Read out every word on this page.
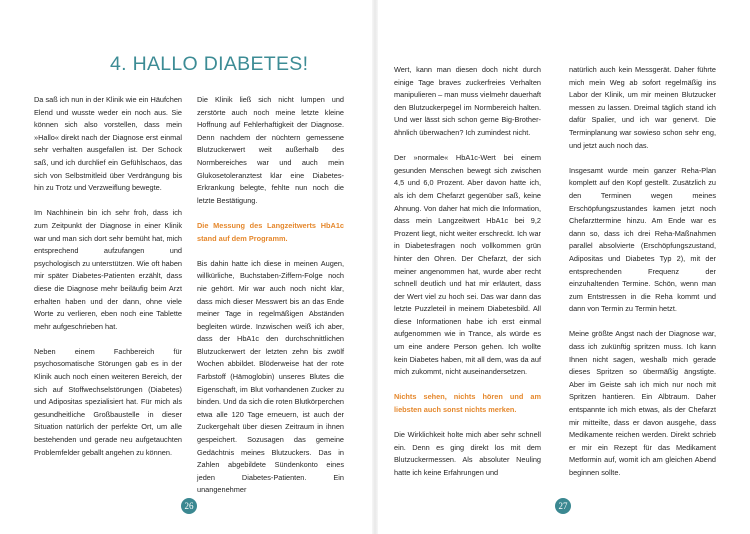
4. HALLO DIABETES!

Da saß ich nun in der Klinik wie ein Häufchen Elend und wusste weder ein noch aus. Sie können sich also vorstellen, dass mein »Hallo« direkt nach der Diagnose erst einmal sehr verhalten ausgefallen ist. Der Schock saß, und ich durchlief ein Gefühlschaos, das sich von Selbstmitleid über Verdrängung bis hin zu Trotz und Verzweiflung bewegte.

Im Nachhinein bin ich sehr froh, dass ich zum Zeitpunkt der Diagnose in einer Klinik war und man sich dort sehr bemüht hat, mich entsprechend aufzufangen und psychologisch zu unterstützen. Wie oft haben mir später Diabetes-Patienten erzählt, dass diese die Diagnose mehr beiläufig beim Arzt erhalten haben und der dann, ohne viele Worte zu verlieren, eben noch eine Tablette mehr aufgeschrieben hat.

Neben einem Fachbereich für psychosomatische Störungen gab es in der Klinik auch noch einen weiteren Bereich, der sich auf Stoffwechselstörungen (Diabetes) und Adipositas spezialisiert hat. Für mich als gesundheitliche Großbaustelle in dieser Situation natürlich der perfekte Ort, um alle bestehenden und gerade neu aufgetauchten Problemfelder geballt angehen zu können.

Die Klinik ließ sich nicht lumpen und zerstörte auch noch meine letzte kleine Hoffnung auf Fehlerhaftigkeit der Diagnose. Denn nachdem der nüchtern gemessene Blutzuckerwert weit außerhalb des Normbereiches war und auch mein Glukosetoleranztest klar eine Diabetes-Erkrankung belegte, fehlte nun noch die letzte Bestätigung.

Die Messung des Langzeitwerts HbA1c stand auf dem Programm.

Bis dahin hatte ich diese in meinen Augen, willkürliche, Buchstaben-Ziffern-Folge noch nie gehört. Mir war auch noch nicht klar, dass mich dieser Messwert bis an das Ende meiner Tage in regelmäßigen Abständen begleiten würde. Inzwischen weiß ich aber, dass der HbA1c den durchschnittlichen Blutzuckerwert der letzten zehn bis zwölf Wochen abbildet. Blöderweise hat der rote Farbstoff (Hämoglobin) unseres Blutes die Eigenschaft, im Blut vorhandenen Zucker zu binden. Und da sich die roten Blutkörperchen etwa alle 120 Tage erneuern, ist auch der Zuckergehalt über diesen Zeitraum in ihnen gespeichert. Sozusagen das gemeine Gedächtnis meines Blutzuckers. Das in Zahlen abgebildete Sündenkonto eines jeden Diabetes-Patienten. Ein unangenehmer

26

Wert, kann man diesen doch nicht durch einige Tage braves zuckerfreies Verhalten manipulieren – man muss vielmehr dauerhaft den Blutzuckerpegel im Normbereich halten. Und wer lässt sich schon gerne Big-Brother-ähnlich überwachen? Ich zumindest nicht.

Der »normale« HbA1c-Wert bei einem gesunden Menschen bewegt sich zwischen 4,5 und 6,0 Prozent. Aber davon hatte ich, als ich dem Chefarzt gegenüber saß, keine Ahnung. Von daher hat mich die Information, dass mein Langzeitwert HbA1c bei 9,2 Prozent liegt, nicht weiter erschreckt. Ich war in Diabetesfragen noch vollkommen grün hinter den Ohren. Der Chefarzt, der sich meiner angenommen hat, wurde aber recht schnell deutlich und hat mir erläutert, dass der Wert viel zu hoch sei. Das war dann das letzte Puzzleteil in meinem Diabetesbild. All diese Informationen habe ich erst einmal aufgenommen wie in Trance, als würde es um eine andere Person gehen. Ich wollte kein Diabetes haben, mit all dem, was da auf mich zukommt, nicht auseinandersetzen.

Nichts sehen, nichts hören und am liebsten auch sonst nichts merken.

Die Wirklichkeit holte mich aber sehr schnell ein. Denn es ging direkt los mit dem Blutzuckermessen. Als absoluter Neuling hatte ich keine Erfahrungen und

natürlich auch kein Messgerät. Daher führte mich mein Weg ab sofort regelmäßig ins Labor der Klinik, um mir meinen Blutzucker messen zu lassen. Dreimal täglich stand ich dafür Spalier, und ich war genervt. Die Terminplanung war sowieso schon sehr eng, und jetzt auch noch das.

Insgesamt wurde mein ganzer Reha-Plan komplett auf den Kopf gestellt. Zusätzlich zu den Terminen wegen meines Erschöpfungszustandes kamen jetzt noch Chefarzttermine hinzu. Am Ende war es dann so, dass ich drei Reha-Maßnahmen parallel absolvierte (Erschöpfungszustand, Adipositas und Diabetes Typ 2), mit der entsprechenden Frequenz der einzuhaltenden Termine. Schön, wenn man zum Entstressen in die Reha kommt und dann von Termin zu Termin hetzt.

Meine größte Angst nach der Diagnose war, dass ich zukünftig spritzen muss. Ich kann Ihnen nicht sagen, weshalb mich gerade dieses Spritzen so übermäßig ängstigte. Aber im Geiste sah ich mich nur noch mit Spritzen hantieren. Ein Albtraum. Daher entspannte ich mich etwas, als der Chefarzt mir mitteilte, dass er davon ausgehe, dass Medikamente reichen werden. Direkt schrieb er mir ein Rezept für das Medikament Metformin auf, womit ich am gleichen Abend beginnen sollte.

27
